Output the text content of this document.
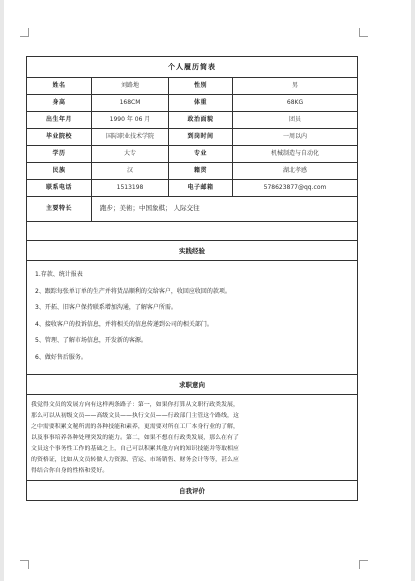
个人履历简表
姓名	刘路地	性别	男
身高	168CM	体重	68KG
出生年月	1990 年 06 月	政治面貌	团员
毕业院校	国际职业技术学院	到岗时间	一周以内
学历	大专	专业	机械制造与自动化
民族	汉	籍贯	湖北孝感
联系电话	1513198	电子邮箱	578623877@qq.com
主要特长	跑步；美術；中国象棋； 人际交往
实践经验
1.存款、统计报表
2、跟踪每张单订单的生产并将货品顺利的交给客户，收回应收回的款项。
3、开拓、旧客户保持联系增加沟通，了解客户所需。
4、接收客户的投诉信息，并将相关的信息传递到公司的相关部门。
5、管理、了解市场信息，开发新的客源。
6、做好售后服务。
求职意向
我觉得文员的发展方向有这样两条路子：第一，如果你打算从文职行政类发展，
那么可以从初级文员——高级文员——执行文员——行政部门主管这个路线，这
之中需要积累文秘所需的各种技能和素养，更需要对所在工厂本身行业的了解，
以及事事培养各种处理突发的能力。第二，如果不想在行政类发展，那么在有了
文员这个事务性工作的基础之上，自己可以积累其他方向的知识技能并等取相应
的资格证，比如从文员转做人力资源、营运、市场销售、财务会计等等，甚么应
得结合你自身的性格和爱好。
自我评价
